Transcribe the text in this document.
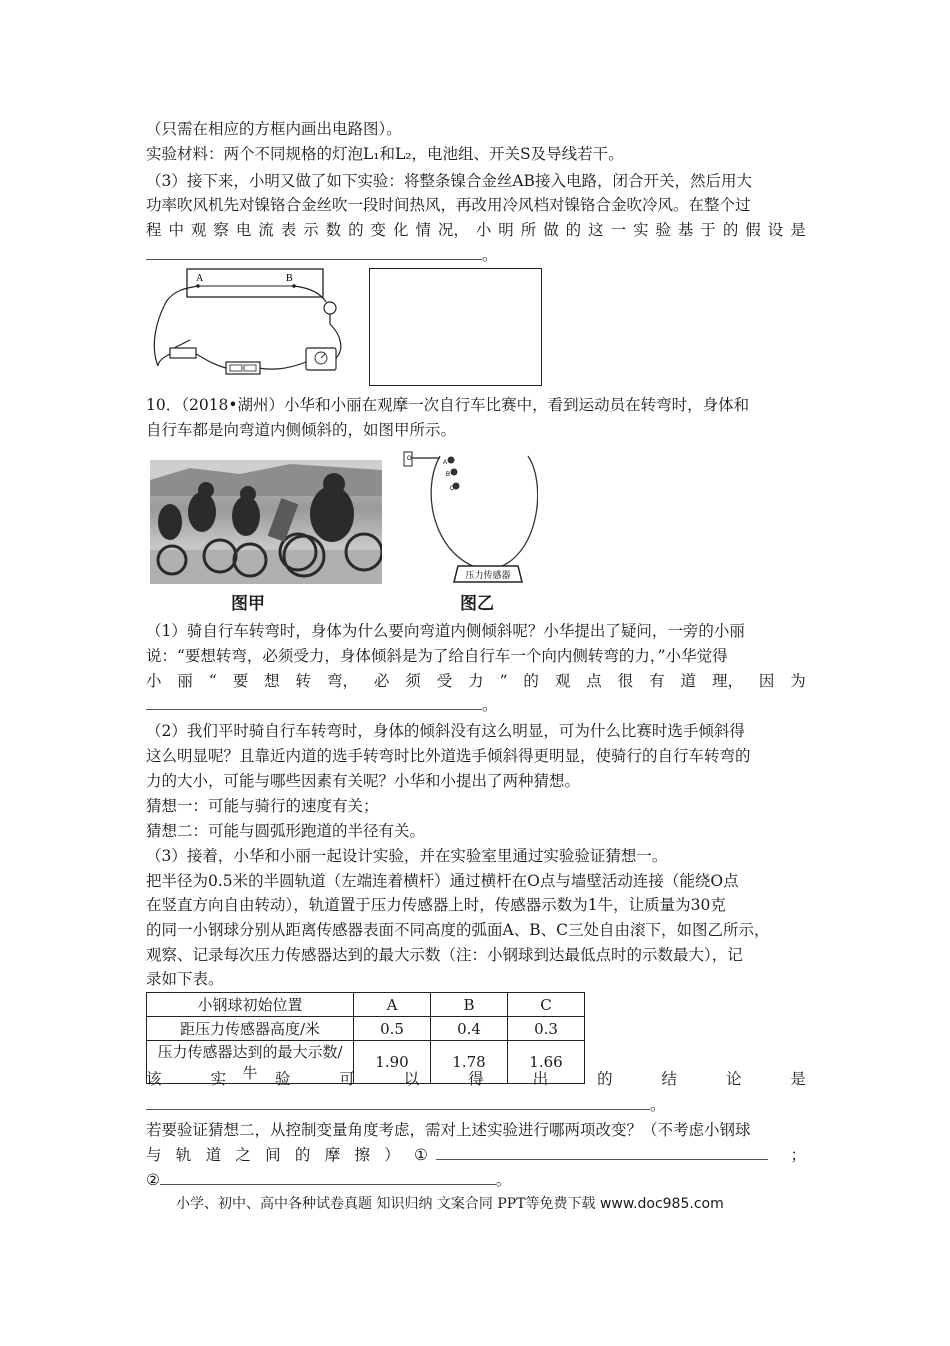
（只需在相应的方框内画出电路图）。
实验材料：两个不同规格的灯泡L₁和L₂，电池组、开关S及导线若干。
（3）接下来，小明又做了如下实验：将整条镍合金丝AB接入电路，闭合开关，然后用大
功率吹风机先对镍铬合金丝吹一段时间热风，再改用冷风档对镍铬合金吹冷风。在整个过
程 中 观 察 电 流 表 示 数 的 变 化 情 况， 小 明 所 做 的 这 一 实 验 基 于 的 假 设 是
。
A	B
10．（2018•湖州）小华和小丽在观摩一次自行车比赛中，看到运动员在转弯时，身体和
自行车都是向弯道内侧倾斜的，如图甲所示。
O
A
B
C
压力传感器
图甲	图乙
（1）骑自行车转弯时，身体为什么要向弯道内侧倾斜呢？小华提出了疑问，一旁的小丽
说：“要想转弯，必须受力，身体倾斜是为了给自行车一个向内侧转弯的力，”小华觉得
小 丽 “ 要 想 转 弯， 必 须 受 力 ” 的 观 点 很 有 道 理， 因 为
。
（2）我们平时骑自行车转弯时，身体的倾斜没有这么明显，可为什么比赛时选手倾斜得
这么明显呢？且靠近内道的选手转弯时比外道选手倾斜得更明显，使骑行的自行车转弯的
力的大小，可能与哪些因素有关呢？小华和小提出了两种猜想。
猜想一：可能与骑行的速度有关；
猜想二：可能与圆弧形跑道的半径有关。
（3）接着，小华和小丽一起设计实验，并在实验室里通过实验验证猜想一。
把半径为0.5米的半圆轨道（左端连着横杆）通过横杆在O点与墙壁活动连接（能绕O点
在竖直方向自由转动），轨道置于压力传感器上时，传感器示数为1牛，让质量为30克
的同一小钢球分别从距离传感器表面不同高度的弧面A、B、C三处自由滚下，如图乙所示，
观察、记录每次压力传感器达到的最大示数（注：小钢球到达最低点时的示数最大），记
录如下表。
小钢球初始位置	A	B	C
距压力传感器高度/米	0.5	0.4	0.3
压力传感器达到的最大示数/牛	1.90	1.78	1.66
该	实	验	可	以	得	出	的	结	论	是
。
若要验证猜想二，从控制变量角度考虑，需对上述实验进行哪两项改变？（不考虑小钢球
与 轨 道 之 间 的 摩 擦 ） ①	；
②	。
小学、初中、高中各种试卷真题 知识归纳 文案合同 PPT等免费下载 www.doc985.com
